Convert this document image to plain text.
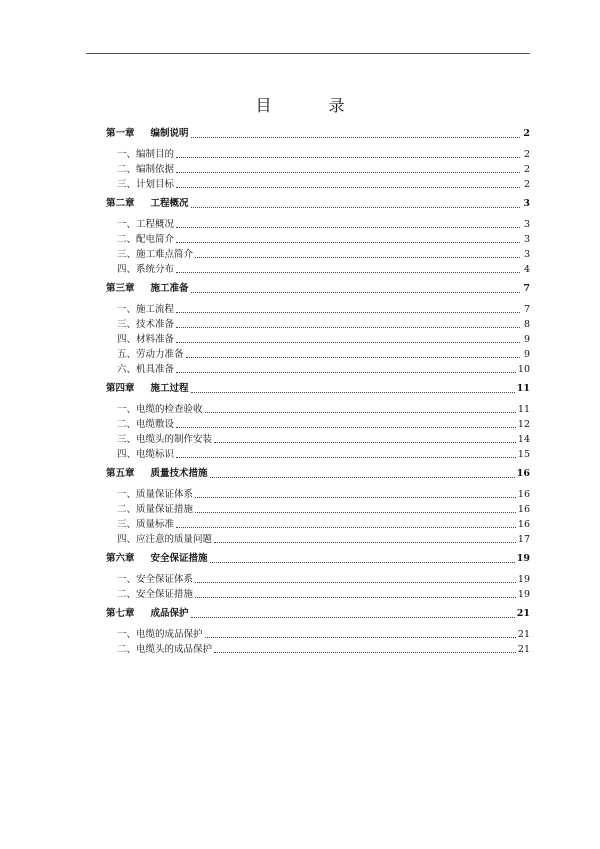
目 录
第一章	编制说明	2
一、编制目的	2
二、编制依据	2
三、计划目标	2
第二章	工程概况	3
一、工程概况	3
二、配电简介	3
三、施工难点简介	3
四、系统分布	4
第三章	施工准备	7
一、施工流程	7
三、技术准备	8
四、材料准备	9
五、劳动力准备	9
六、机具准备	10
第四章	施工过程	11
一、电缆的检查验收	11
二、电缆敷设	12
三、电缆头的制作安装	14
四、电缆标识	15
第五章	质量技术措施	16
一、质量保证体系	16
二、质量保证措施	16
三、质量标准	16
四、应注意的质量问题	17
第六章	安全保证措施	19
一、安全保证体系	19
二、安全保证措施	19
第七章	成品保护	21
一、电缆的成品保护	21
二、电缆头的成品保护	21
